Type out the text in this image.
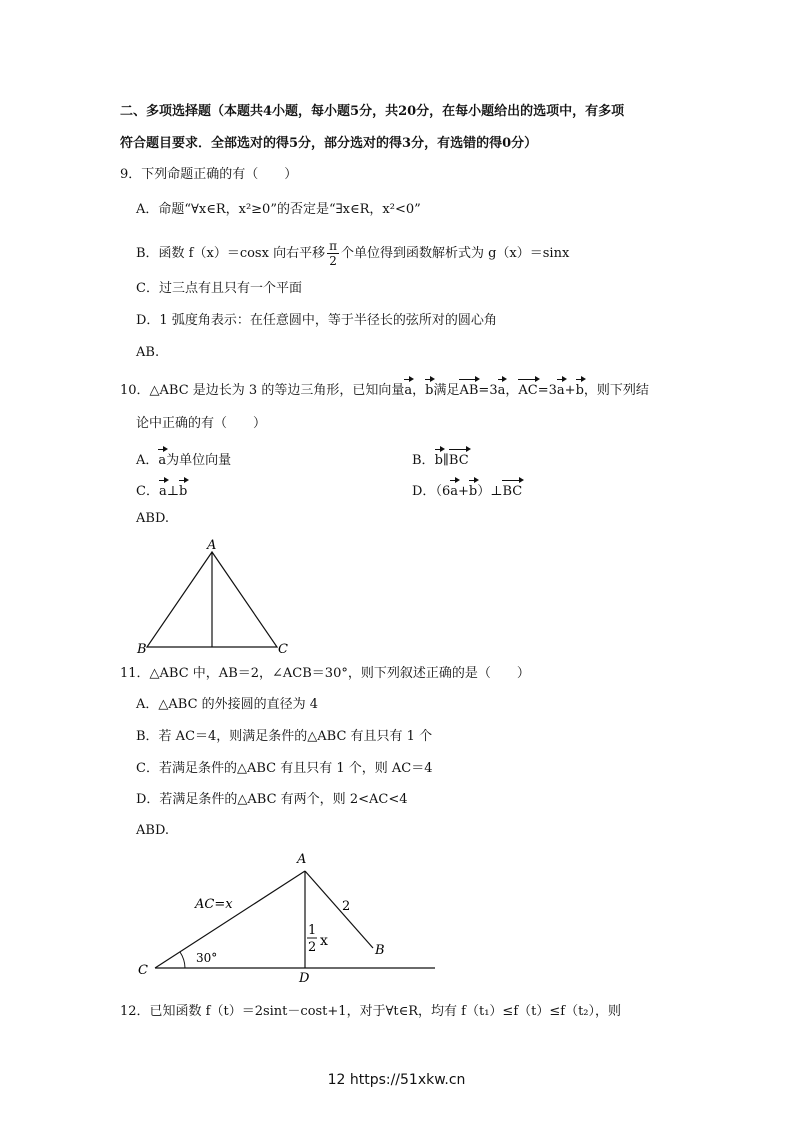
二、多项选择题（本题共4小题，每小题5分，共20分，在每小题给出的选项中，有多项
符合题目要求．全部选对的得5分，部分选对的得3分，有选错的得0分）
9．下列命题正确的有（　　）
A．命题“∀x∈R，x²≥0”的否定是“∃x∈R，x²<0”
B．函数 f（x）＝cosx 向右平移 $\frac{\pi}{2}$ 个单位得到函数解析式为 g（x）＝sinx
C．过三点有且只有一个平面
D．1 弧度角表示：在任意圆中，等于半径长的弦所对的圆心角
AB.
10．△ABC 是边长为 3 的等边三角形，已知向量a，b满足AB=3a，AC=3a+b，则下列结
论中正确的有（　　）
A．a为单位向量	B．b∥BC
C．a⊥b	D．（6a+b）⊥BC
ABD.
A
B	C
11．△ABC 中，AB＝2，∠ACB＝30°，则下列叙述正确的是（　　）
A．△ABC 的外接圆的直径为 4
B．若 AC＝4，则满足条件的△ABC 有且只有 1 个
C．若满足条件的△ABC 有且只有 1 个，则 AC＝4
D．若满足条件的△ABC 有两个，则 2<AC<4
ABD.
A
C
D
B
AC=x	2
30°
1
2 x
12．已知函数 f（t）＝2sint－cost+1，对于∀t∈R，均有 f（t₁）≤f（t）≤f（t₂），则
12 https://51xkw.cn
